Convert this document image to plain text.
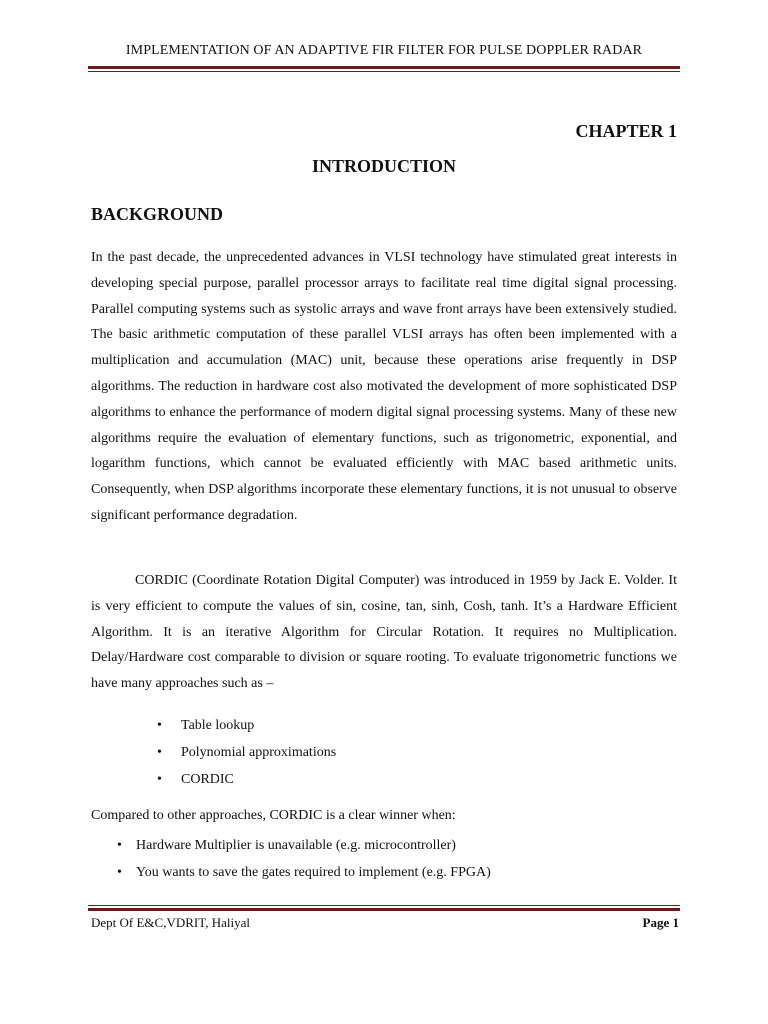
IMPLEMENTATION OF AN ADAPTIVE FIR FILTER FOR PULSE DOPPLER RADAR
CHAPTER 1
INTRODUCTION
BACKGROUND

In the past decade, the unprecedented advances in VLSI technology have stimulated great interests in developing special purpose, parallel processor arrays to facilitate real time digital signal processing. Parallel computing systems such as systolic arrays and wave front arrays have been extensively studied. The basic arithmetic computation of these parallel VLSI arrays has often been implemented with a multiplication and accumulation (MAC) unit, because these operations arise frequently in DSP algorithms. The reduction in hardware cost also motivated the development of more sophisticated DSP algorithms to enhance the performance of modern digital signal processing systems. Many of these new algorithms require the evaluation of elementary functions, such as trigonometric, exponential, and logarithm functions, which cannot be evaluated efficiently with MAC based arithmetic units. Consequently, when DSP algorithms incorporate these elementary functions, it is not unusual to observe significant performance degradation.

CORDIC (Coordinate Rotation Digital Computer) was introduced in 1959 by Jack E. Volder. It is very efficient to compute the values of sin, cosine, tan, sinh, Cosh, tanh. It’s a Hardware Efficient Algorithm. It is an iterative Algorithm for Circular Rotation. It requires no Multiplication. Delay/Hardware cost comparable to division or square rooting. To evaluate trigonometric functions we have many approaches such as –

• Table lookup
• Polynomial approximations
• CORDIC
Compared to other approaches, CORDIC is a clear winner when:
• Hardware Multiplier is unavailable (e.g. microcontroller)
• You wants to save the gates required to implement (e.g. FPGA)
Dept Of E&C,VDRIT, Haliyal	Page 1
